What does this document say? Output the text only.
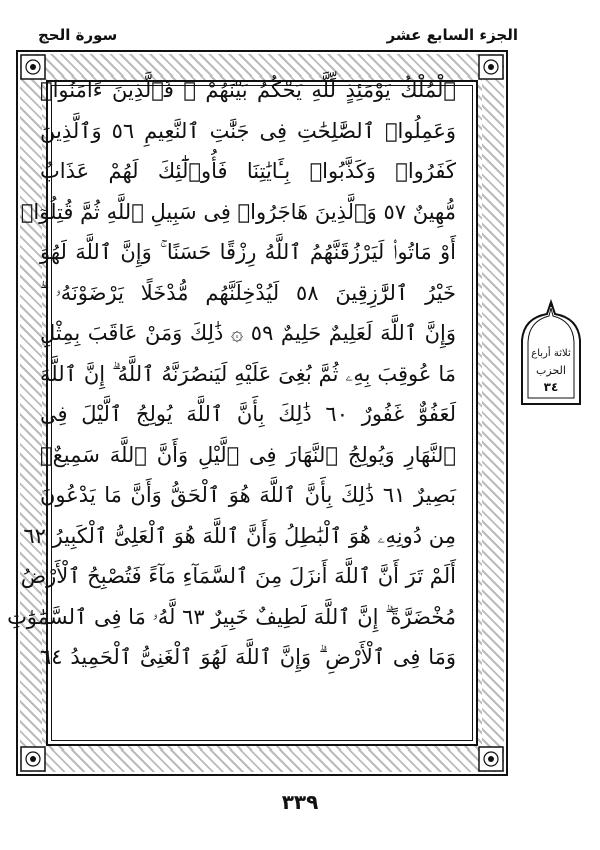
الجزء السابع عشر
سورة الحج
ٱلْمُلْكُ يَوْمَئِذٍ لِّلَّهِ يَحْكُمُ بَيْنَهُمْ ۚ فَٱلَّذِينَ ءَامَنُوا۟
وَعَمِلُوا۟ ٱلصَّٰلِحَٰتِ فِى جَنَّٰتِ ٱلنَّعِيمِ ٥٦ وَٱلَّذِينَ
كَفَرُوا۟ وَكَذَّبُوا۟ بِـَٔايَٰتِنَا فَأُو۟لَٰٓئِكَ لَهُمْ عَذَابٌ
مُّهِينٌ ٥٧ وَٱلَّذِينَ هَاجَرُوا۟ فِى سَبِيلِ ٱللَّهِ ثُمَّ قُتِلُوٓا۟
أَوْ مَاتُوا۟ لَيَرْزُقَنَّهُمُ ٱللَّهُ رِزْقًا حَسَنًا ۚ وَإِنَّ ٱللَّهَ لَهُوَ
خَيْرُ ٱلرَّٰزِقِينَ ٥٨ لَيُدْخِلَنَّهُم مُّدْخَلًا يَرْضَوْنَهُۥ ۗ
وَإِنَّ ٱللَّهَ لَعَلِيمٌ حَلِيمٌ ٥٩ ۞ ذَٰلِكَ وَمَنْ عَاقَبَ بِمِثْلِ
مَا عُوقِبَ بِهِۦ ثُمَّ بُغِىَ عَلَيْهِ لَيَنصُرَنَّهُ ٱللَّهُ ۗ إِنَّ ٱللَّهَ
لَعَفُوٌّ غَفُورٌ ٦٠ ذَٰلِكَ بِأَنَّ ٱللَّهَ يُولِجُ ٱلَّيْلَ فِى
ٱلنَّهَارِ وَيُولِجُ ٱلنَّهَارَ فِى ٱلَّيْلِ وَأَنَّ ٱللَّهَ سَمِيعٌۢ
بَصِيرٌ ٦١ ذَٰلِكَ بِأَنَّ ٱللَّهَ هُوَ ٱلْحَقُّ وَأَنَّ مَا يَدْعُونَ
مِن دُونِهِۦ هُوَ ٱلْبَٰطِلُ وَأَنَّ ٱللَّهَ هُوَ ٱلْعَلِىُّ ٱلْكَبِيرُ ٦٢
أَلَمْ تَرَ أَنَّ ٱللَّهَ أَنزَلَ مِنَ ٱلسَّمَآءِ مَآءً فَتُصْبِحُ ٱلْأَرْضُ
مُخْضَرَّةً ۗ إِنَّ ٱللَّهَ لَطِيفٌ خَبِيرٌ ٦٣ لَّهُۥ مَا فِى ٱلسَّمَٰوَٰتِ
وَمَا فِى ٱلْأَرْضِ ۗ وَإِنَّ ٱللَّهَ لَهُوَ ٱلْغَنِىُّ ٱلْحَمِيدُ ٦٤
ثلاثة أرباع
الحزب
٣٤
٣٣٩
